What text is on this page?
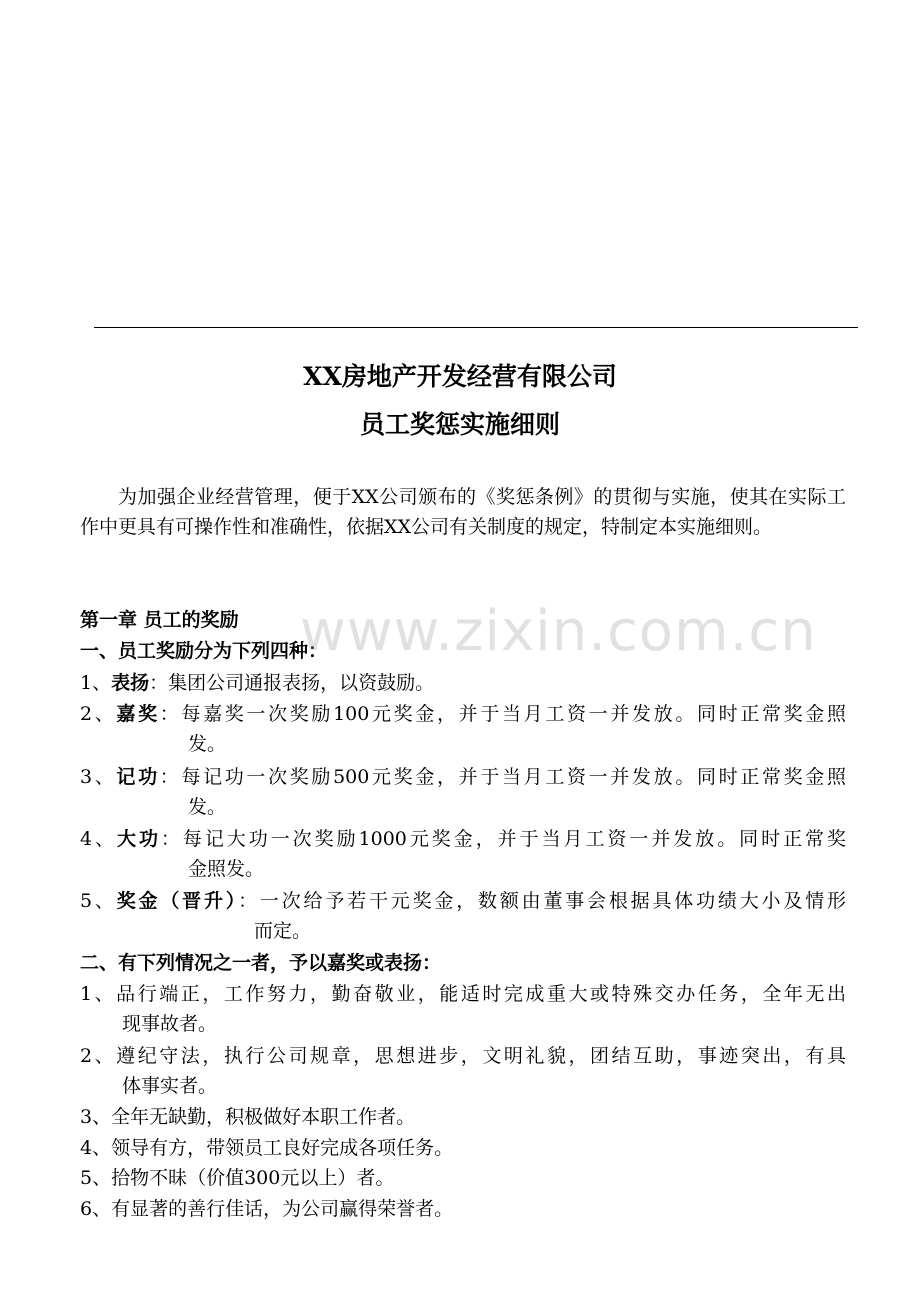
XX房地产开发经营有限公司
员工奖惩实施细则

为加强企业经营管理，便于XX公司颁布的《奖惩条例》的贯彻与实施，使其在实际工作中更具有可操作性和准确性，依据XX公司有关制度的规定，特制定本实施细则。

第一章 员工的奖励
一、员工奖励分为下列四种：
1、表扬：集团公司通报表扬，以资鼓励。
2、嘉奖：每嘉奖一次奖励100元奖金，并于当月工资一并发放。同时正常奖金照
发。
3、记功：每记功一次奖励500元奖金，并于当月工资一并发放。同时正常奖金照
发。
4、大功：每记大功一次奖励1000元奖金，并于当月工资一并发放。同时正常奖
金照发。
5、奖金（晋升）：一次给予若干元奖金，数额由董事会根据具体功绩大小及情形
而定。
二、有下列情况之一者，予以嘉奖或表扬：
1、品行端正，工作努力，勤奋敬业，能适时完成重大或特殊交办任务，全年无出
现事故者。
2、遵纪守法，执行公司规章，思想进步，文明礼貌，团结互助，事迹突出，有具
体事实者。
3、全年无缺勤，积极做好本职工作者。
4、领导有方，带领员工良好完成各项任务。
5、拾物不昧（价值300元以上）者。
6、有显著的善行佳话，为公司赢得荣誉者。
www.zixin.com.cn
